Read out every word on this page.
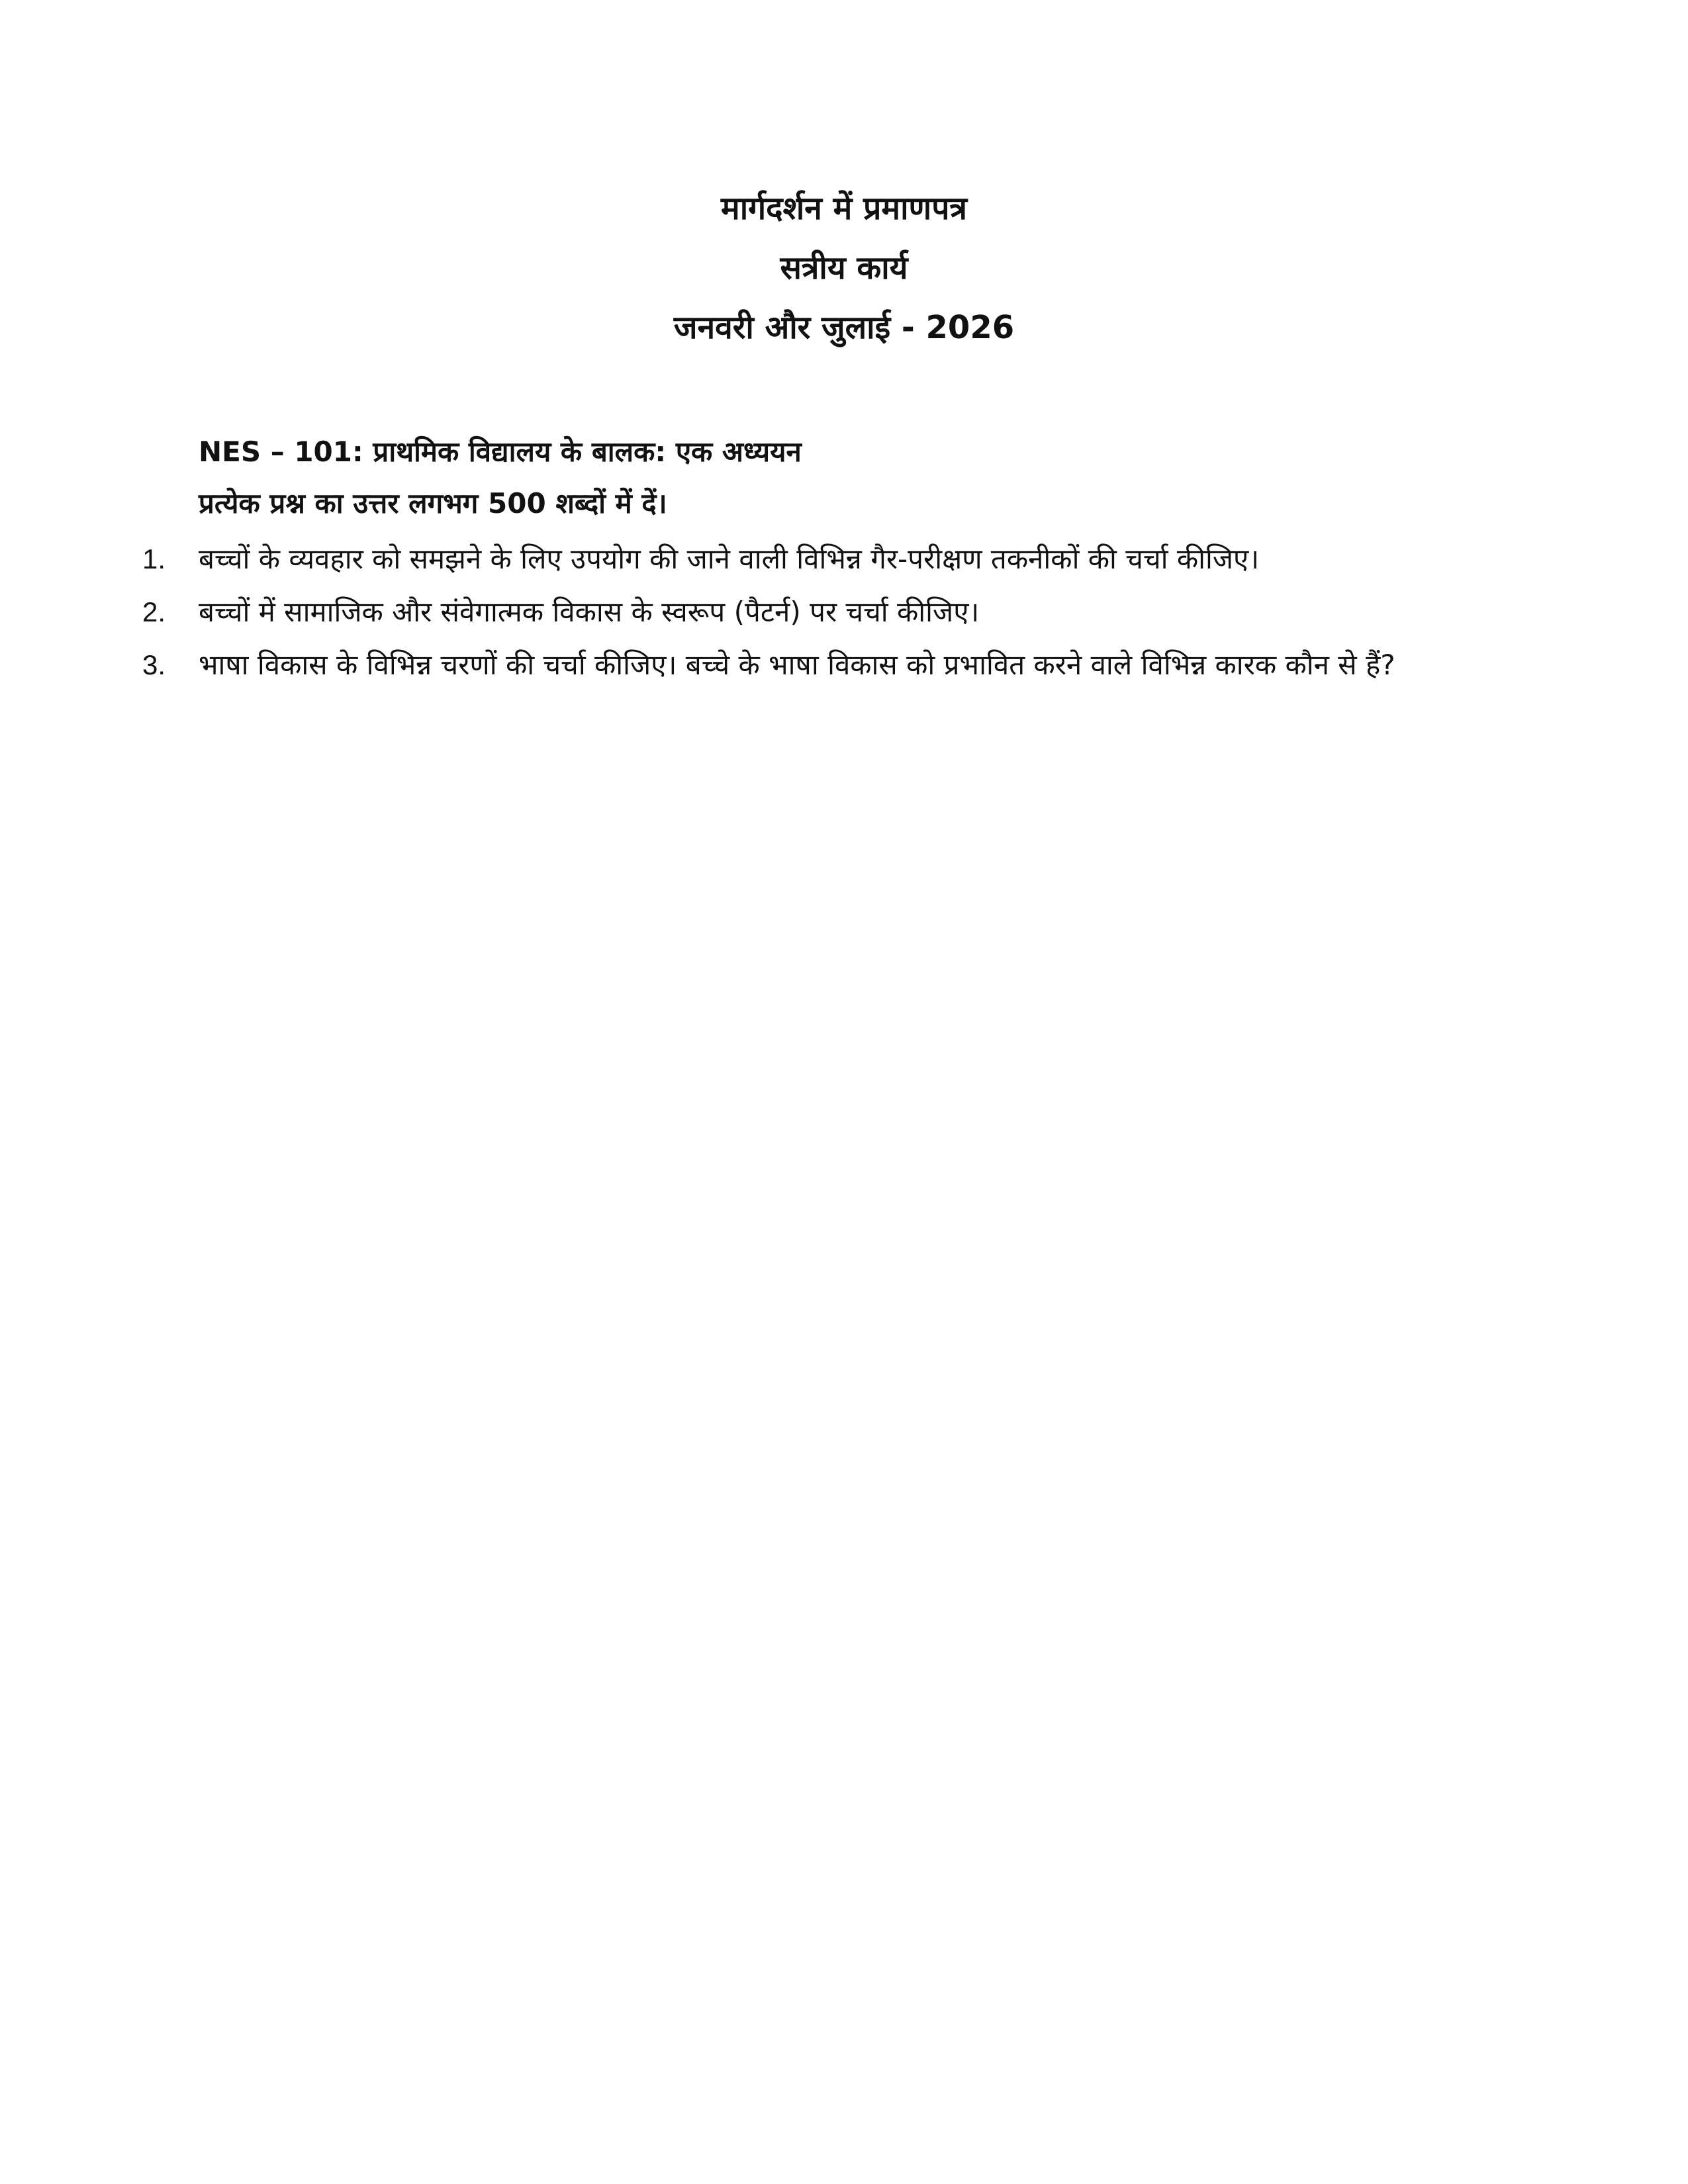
मार्गदर्शन में प्रमाणपत्र
सत्रीय कार्य
जनवरी और जुलाई - 2026
NES – 101: प्राथमिक विद्यालय के बालक: एक अध्ययन
प्रत्येक प्रश्न का उत्तर लगभग 500 शब्दों में दें।
1.	बच्चों के व्यवहार को समझने के लिए उपयोग की जाने वाली विभिन्न गैर-परीक्षण तकनीकों की चर्चा कीजिए।
2.	बच्चों में सामाजिक और संवेगात्मक विकास के स्वरूप (पैटर्न) पर चर्चा कीजिए।
3.	भाषा विकास के विभिन्न चरणों की चर्चा कीजिए। बच्चे के भाषा विकास को प्रभावित करने वाले विभिन्न कारक कौन से हैं?
